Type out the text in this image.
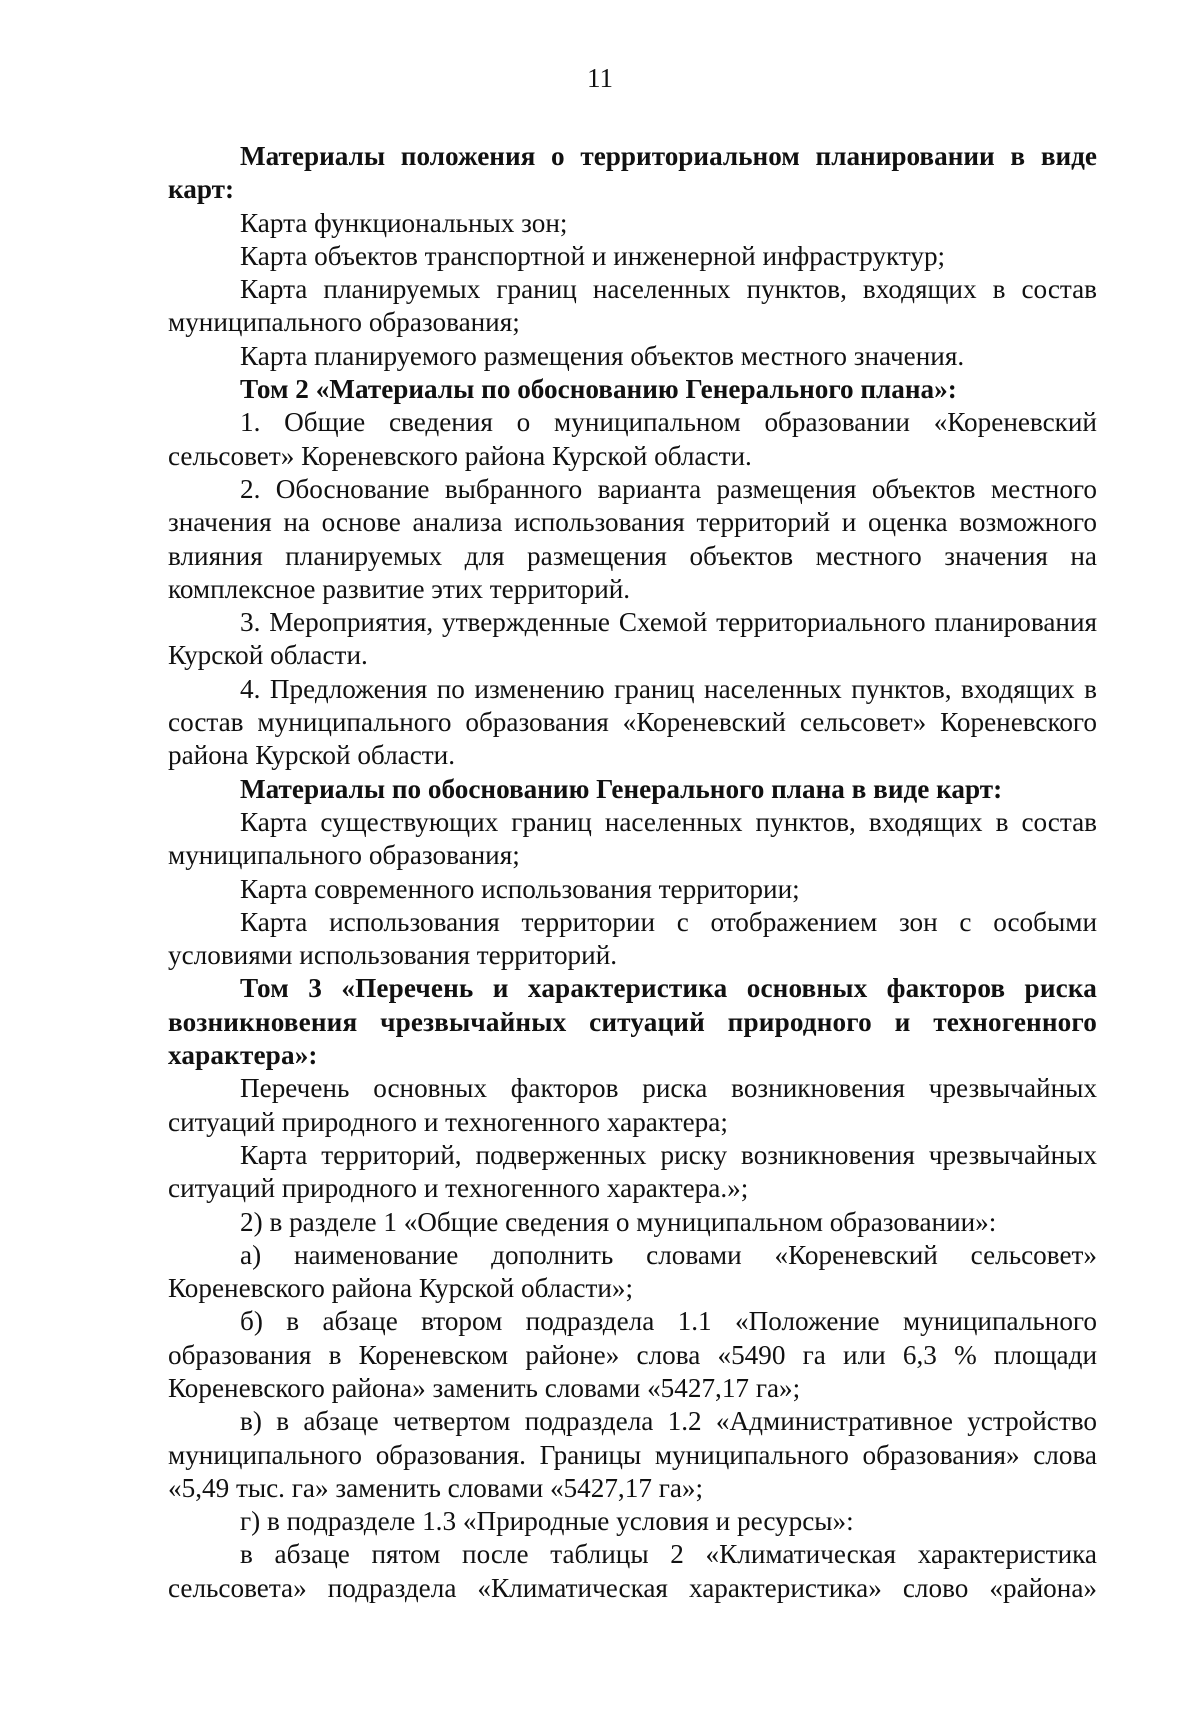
11

Материалы положения о территориальном планировании в виде карт:

Карта функциональных зон;

Карта объектов транспортной и инженерной инфраструктур;

Карта планируемых границ населенных пунктов, входящих в состав муниципального образования;

Карта планируемого размещения объектов местного значения.

Том 2 «Материалы по обоснованию Генерального плана»:

1. Общие сведения о муниципальном образовании «Кореневский сельсовет» Кореневского района Курской области.

2. Обоснование выбранного варианта размещения объектов местного значения на основе анализа использования территорий и оценка возможного влияния планируемых для размещения объектов местного значения на комплексное развитие этих территорий.

3. Мероприятия, утвержденные Схемой территориального планирования Курской области.

4. Предложения по изменению границ населенных пунктов, входящих в состав муниципального образования «Кореневский сельсовет» Кореневского района Курской области.

Материалы по обоснованию Генерального плана в виде карт:

Карта существующих границ населенных пунктов, входящих в состав муниципального образования;

Карта современного использования территории;

Карта использования территории с отображением зон с особыми условиями использования территорий.

Том 3 «Перечень и характеристика основных факторов риска возникновения чрезвычайных ситуаций природного и техногенного характера»:

Перечень основных факторов риска возникновения чрезвычайных ситуаций природного и техногенного характера;

Карта территорий, подверженных риску возникновения чрезвычайных ситуаций природного и техногенного характера.»;

2) в разделе 1 «Общие сведения о муниципальном образовании»:

а) наименование дополнить словами «Кореневский сельсовет» Кореневского района Курской области»;

б) в абзаце втором подраздела 1.1 «Положение муниципального образования в Кореневском районе» слова «5490 га или 6,3 % площади Кореневского района» заменить словами «5427,17 га»;

в) в абзаце четвертом подраздела 1.2 «Административное устройство муниципального образования. Границы муниципального образования» слова «5,49 тыс. га» заменить словами «5427,17 га»;

г) в подразделе 1.3 «Природные условия и ресурсы»:

в абзаце пятом после таблицы 2 «Климатическая характеристика сельсовета» подраздела «Климатическая характеристика» слово «района»
